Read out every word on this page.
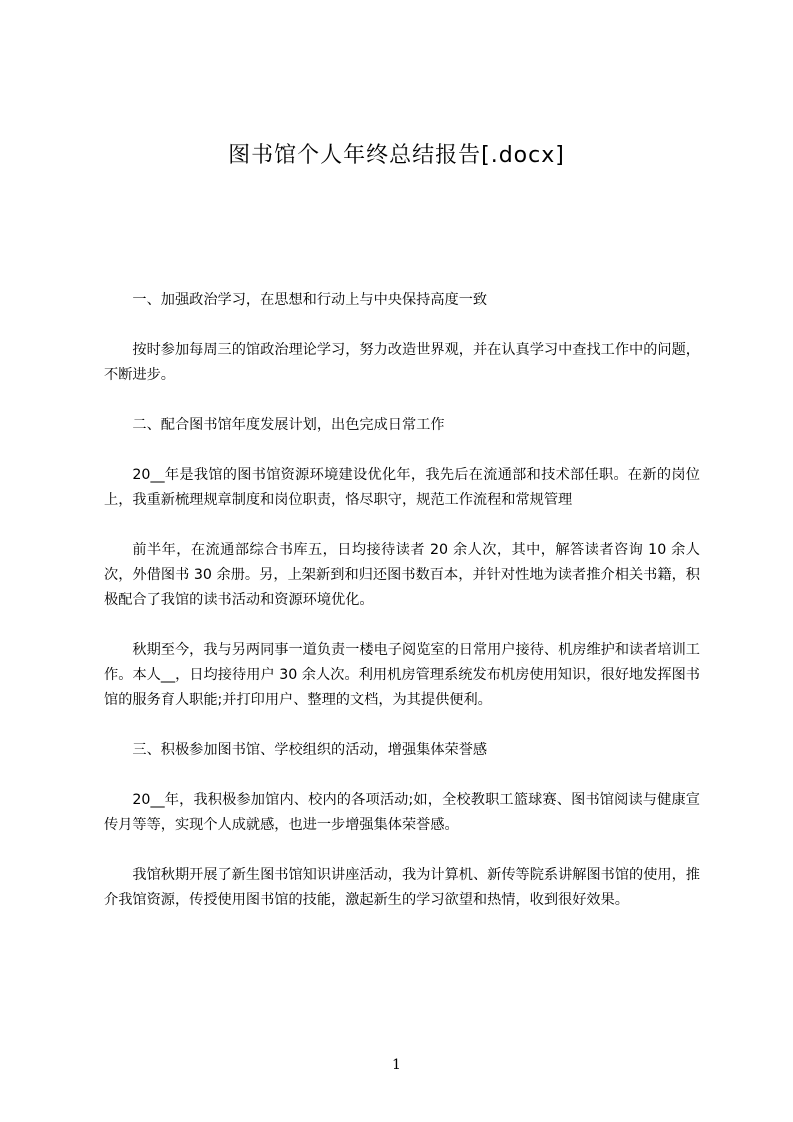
图书馆个人年终总结报告[.docx]

一、加强政治学习，在思想和行动上与中央保持高度一致

按时参加每周三的馆政治理论学习，努力改造世界观，并在认真学习中查找工作中的问题，不断进步。

二、配合图书馆年度发展计划，出色完成日常工作

20__年是我馆的图书馆资源环境建设优化年，我先后在流通部和技术部任职。在新的岗位上，我重新梳理规章制度和岗位职责，恪尽职守，规范工作流程和常规管理

前半年，在流通部综合书库五，日均接待读者 20 余人次，其中，解答读者咨询 10 余人次，外借图书 30 余册。另，上架新到和归还图书数百本，并针对性地为读者推介相关书籍，积极配合了我馆的读书活动和资源环境优化。

秋期至今，我与另两同事一道负责一楼电子阅览室的日常用户接待、机房维护和读者培训工作。本人__，日均接待用户 30 余人次。利用机房管理系统发布机房使用知识，很好地发挥图书馆的服务育人职能;并打印用户、整理的文档，为其提供便利。

三、积极参加图书馆、学校组织的活动，增强集体荣誉感

20__年，我积极参加馆内、校内的各项活动;如，全校教职工篮球赛、图书馆阅读与健康宣传月等等，实现个人成就感，也进一步增强集体荣誉感。

我馆秋期开展了新生图书馆知识讲座活动，我为计算机、新传等院系讲解图书馆的使用，推介我馆资源，传授使用图书馆的技能，激起新生的学习欲望和热情，收到很好效果。

1
